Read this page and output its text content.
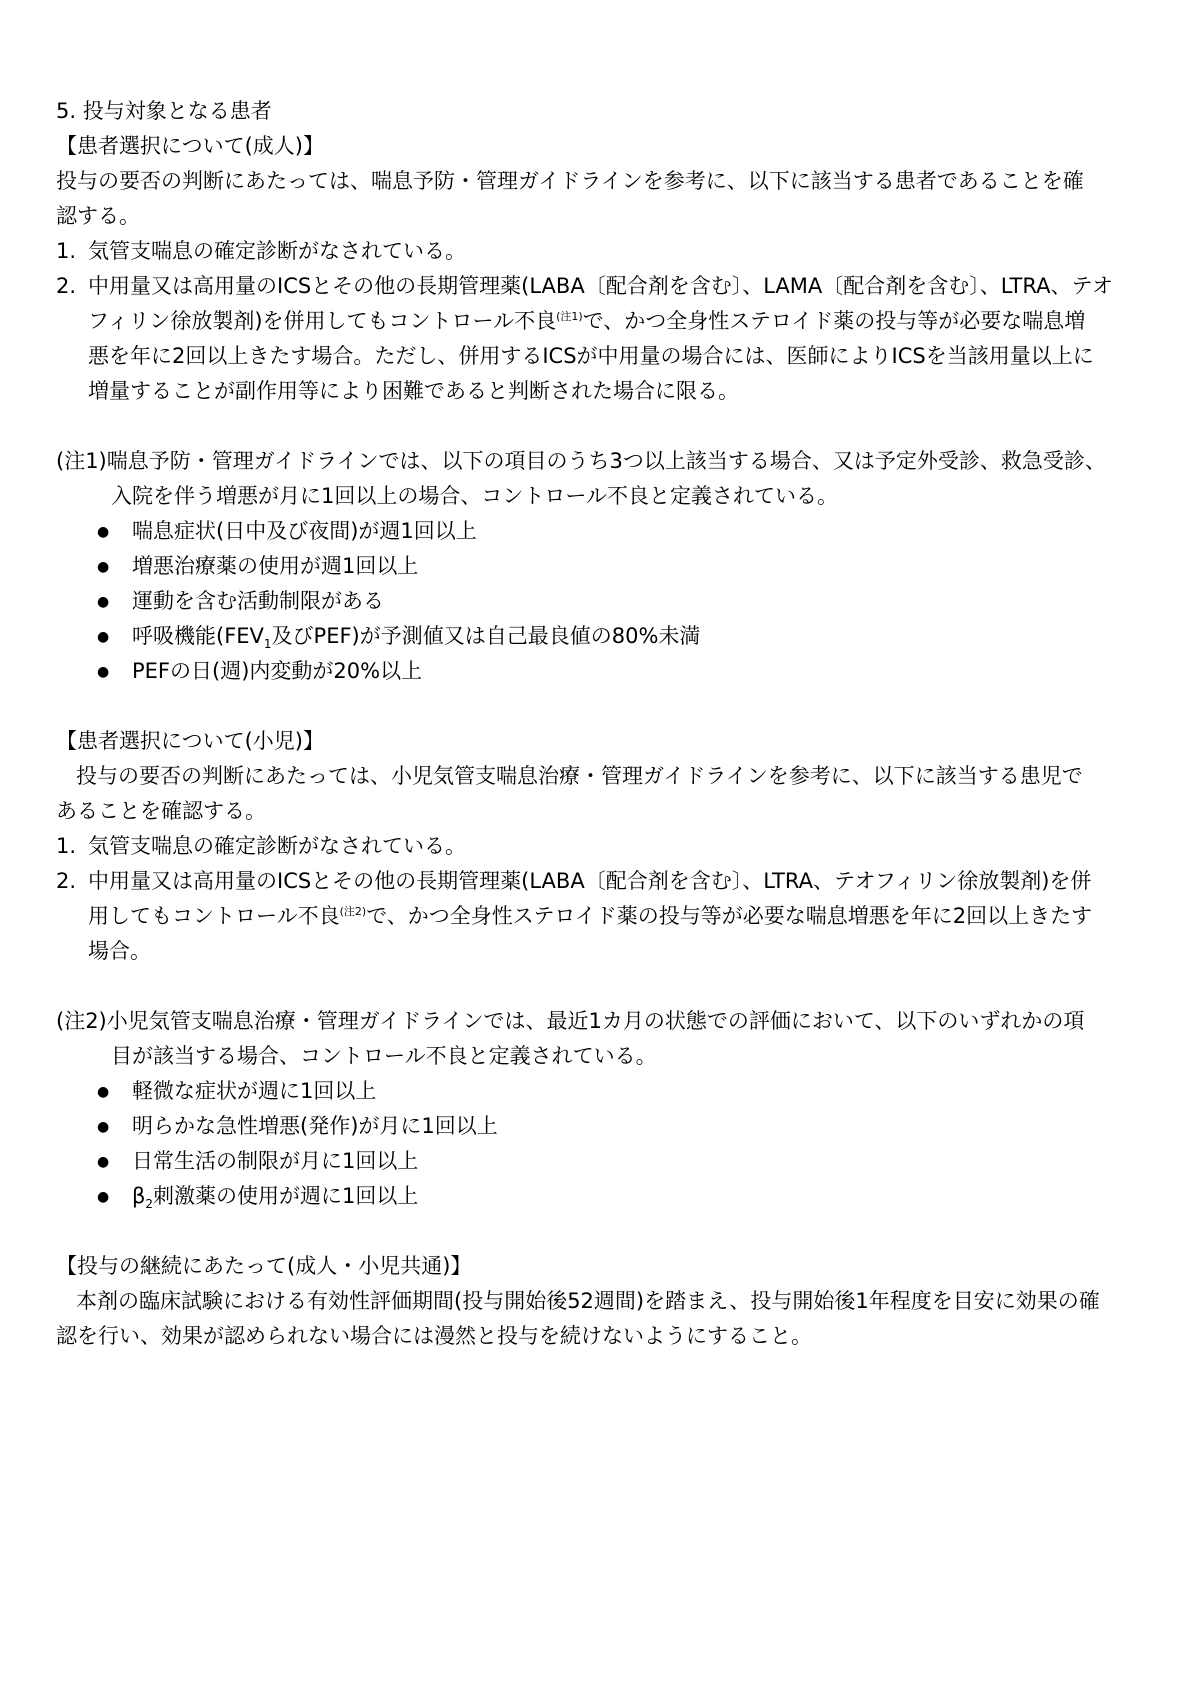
5. 投与対象となる患者
【患者選択について(成人)】
投与の要否の判断にあたっては、喘息予防・管理ガイドラインを参考に、以下に該当する患者であることを確
認する。
1. 気管支喘息の確定診断がなされている。
2. 中用量又は高用量のICSとその他の長期管理薬(LABA〔配合剤を含む〕、LAMA〔配合剤を含む〕、LTRA、テオ
フィリン徐放製剤)を併用してもコントロール不良$^{(注1)}$で、かつ全身性ステロイド薬の投与等が必要な喘息増
悪を年に2回以上きたす場合。ただし、併用するICSが中用量の場合には、医師によりICSを当該用量以上に
増量することが副作用等により困難であると判断された場合に限る。
(注1)喘息予防・管理ガイドラインでは、以下の項目のうち3つ以上該当する場合、又は予定外受診、救急受診、
入院を伴う増悪が月に1回以上の場合、コントロール不良と定義されている。
● 喘息症状(日中及び夜間)が週1回以上
● 増悪治療薬の使用が週1回以上
● 運動を含む活動制限がある
● 呼吸機能($FEV_1$及びPEF)が予測値又は自己最良値の80%未満
● PEFの日(週)内変動が20%以上
【患者選択について(小児)】
投与の要否の判断にあたっては、小児気管支喘息治療・管理ガイドラインを参考に、以下に該当する患児で
あることを確認する。
1. 気管支喘息の確定診断がなされている。
2. 中用量又は高用量のICSとその他の長期管理薬(LABA〔配合剤を含む〕、LTRA、テオフィリン徐放製剤)を併
用してもコントロール不良$^{(注2)}$で、かつ全身性ステロイド薬の投与等が必要な喘息増悪を年に2回以上きたす
場合。
(注2)小児気管支喘息治療・管理ガイドラインでは、最近1カ月の状態での評価において、以下のいずれかの項
目が該当する場合、コントロール不良と定義されている。
● 軽微な症状が週に1回以上
● 明らかな急性増悪(発作)が月に1回以上
● 日常生活の制限が月に1回以上
● $\beta_2$刺激薬の使用が週に1回以上
【投与の継続にあたって(成人・小児共通)】
本剤の臨床試験における有効性評価期間(投与開始後52週間)を踏まえ、投与開始後1年程度を目安に効果の確
認を行い、効果が認められない場合には漫然と投与を続けないようにすること。
